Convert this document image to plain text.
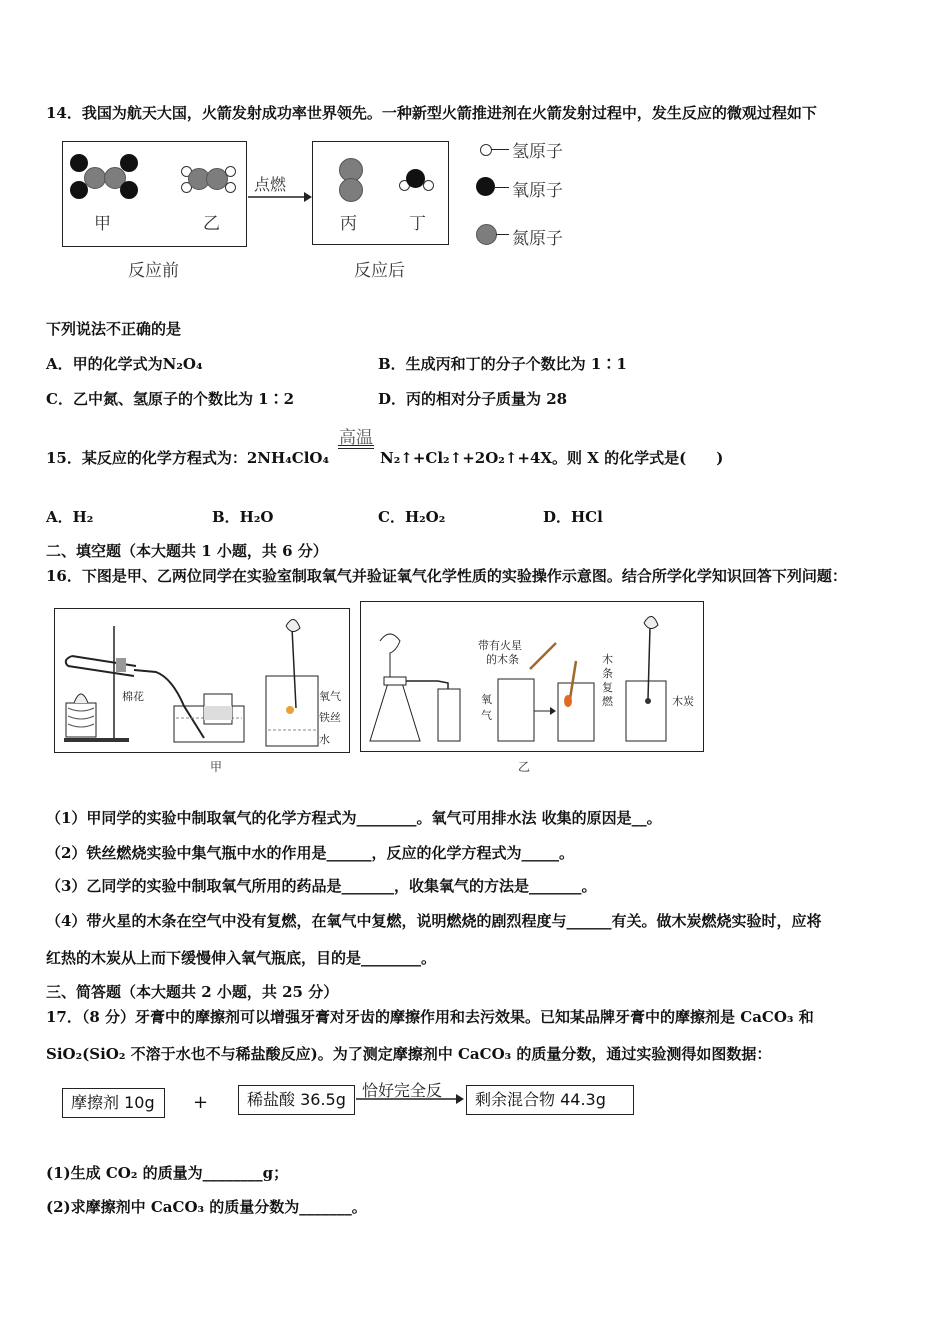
14．我国为航天大国，火箭发射成功率世界领先。一种新型火箭推进剂在火箭发射过程中，发生反应的微观过程如下
甲	乙
反应前
点燃
丙	丁
反应后
氢原子
氧原子
氮原子
下列说法不正确的是
A．甲的化学式为N₂O₄	B．生成丙和丁的分子个数比为 1∶1
C．乙中氮、氢原子的个数比为 1∶2	D．丙的相对分子质量为 28
高温
15．某反应的化学方程式为：2NH₄ClO₄	N₂↑+Cl₂↑+2O₂↑+4X。则 X 的化学式是(　　)
A．H₂	B．H₂O	C．H₂O₂	D．HCl
二、填空题（本大题共 1 小题，共 6 分）
16．下图是甲、乙两位同学在实验室制取氧气并验证氧气化学性质的实验操作示意图。结合所学化学知识回答下列问题：
棉花	氧气
铁丝
水
甲
氧
气
带有火星
的木条	木
条
复
燃	木炭
乙
（1）甲同学的实验中制取氧气的化学方程式为________。氧气可用排水法 收集的原因是__。
（2）铁丝燃烧实验中集气瓶中水的作用是______，反应的化学方程式为_____。
（3）乙同学的实验中制取氧气所用的药品是_______，收集氧气的方法是_______。
（4）带火星的木条在空气中没有复燃，在氧气中复燃，说明燃烧的剧烈程度与______有关。做木炭燃烧实验时，应将
红热的木炭从上而下缓慢伸入氧气瓶底，目的是________。
三、简答题（本大题共 2 小题，共 25 分）
17．（8 分）牙膏中的摩擦剂可以增强牙膏对牙齿的摩擦作用和去污效果。已知某品牌牙膏中的摩擦剂是 CaCO₃ 和
SiO₂(SiO₂ 不溶于水也不与稀盐酸反应)。为了测定摩擦剂中 CaCO₃ 的质量分数，通过实验测得如图数据：
摩擦剂 10g	+	稀盐酸 36.5g	恰好完全反	剩余混合物 44.3g
(1)生成 CO₂ 的质量为________g；
(2)求摩擦剂中 CaCO₃ 的质量分数为_______。
